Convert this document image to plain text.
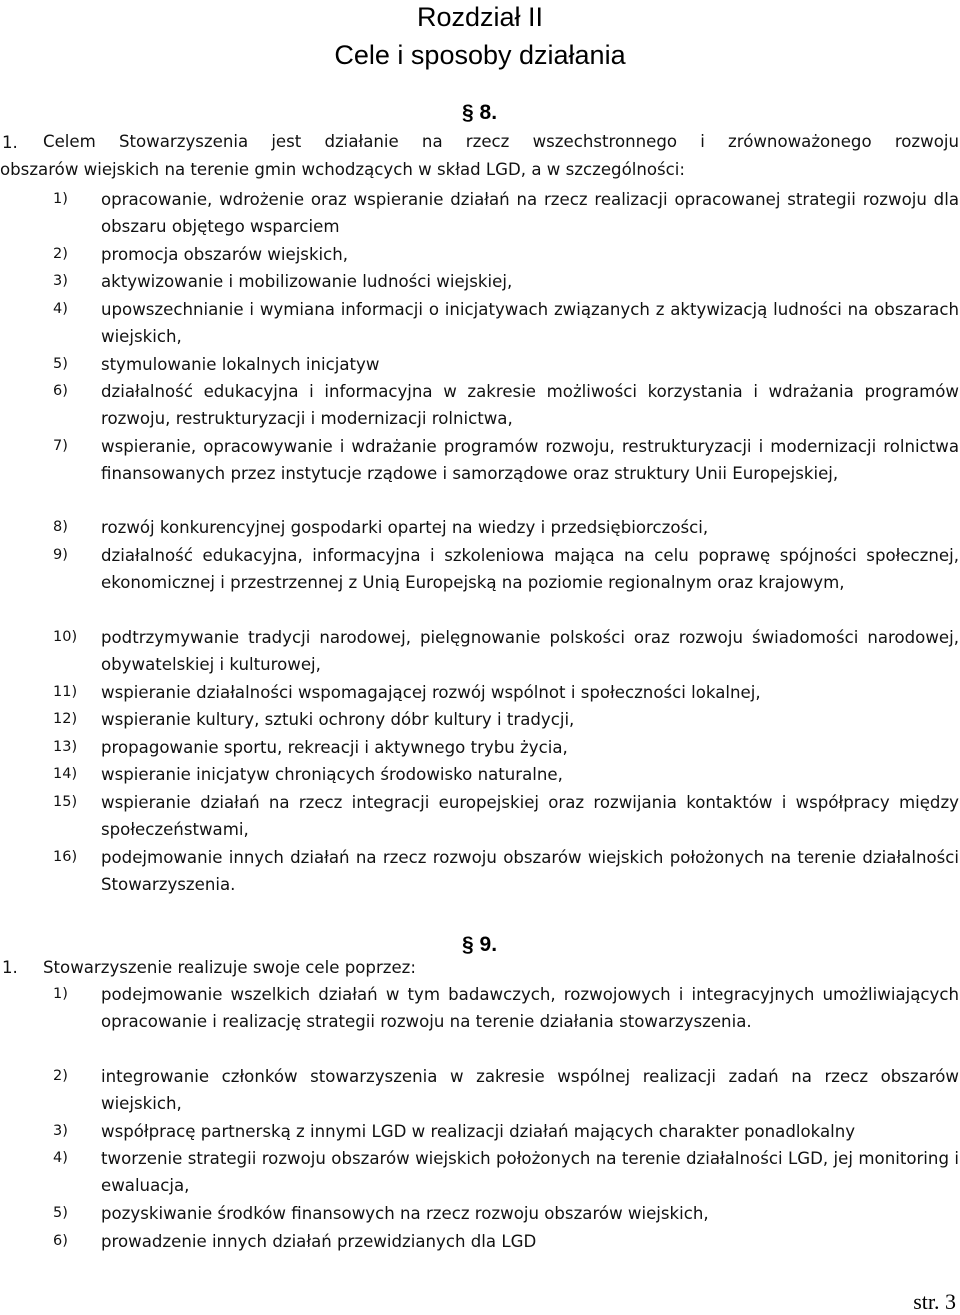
Rozdział II
Cele i sposoby działania
§ 8.
1. Celem Stowarzyszenia jest działanie na rzecz wszechstronnego i zrównoważonego rozwoju
obszarów wiejskich na terenie gmin wchodzących w skład LGD, a w szczególności:
1) opracowanie, wdrożenie oraz wspieranie działań na rzecz realizacji opracowanej strategii rozwoju dla obszaru objętego wsparciem
2) promocja obszarów wiejskich,
3) aktywizowanie i mobilizowanie ludności wiejskiej,
4) upowszechnianie i wymiana informacji o inicjatywach związanych z aktywizacją ludności na obszarach wiejskich,
5) stymulowanie lokalnych inicjatyw
6) działalność edukacyjna i informacyjna w zakresie możliwości korzystania i wdrażania programów rozwoju, restrukturyzacji i modernizacji rolnictwa,
7) wspieranie, opracowywanie i wdrażanie programów rozwoju, restrukturyzacji i modernizacji rolnictwa finansowanych przez instytucje rządowe i samorządowe oraz struktury Unii Europejskiej,
8) rozwój konkurencyjnej gospodarki opartej na wiedzy i przedsiębiorczości,
9) działalność edukacyjna, informacyjna i szkoleniowa mająca na celu poprawę spójności społecznej, ekonomicznej i przestrzennej z Unią Europejską na poziomie regionalnym oraz krajowym,
10) podtrzymywanie tradycji narodowej, pielęgnowanie polskości oraz rozwoju świadomości narodowej, obywatelskiej i kulturowej,
11) wspieranie działalności wspomagającej rozwój wspólnot i społeczności lokalnej,
12) wspieranie kultury, sztuki ochrony dóbr kultury i tradycji,
13) propagowanie sportu, rekreacji i aktywnego trybu życia,
14) wspieranie inicjatyw chroniących środowisko naturalne,
15) wspieranie działań na rzecz integracji europejskiej oraz rozwijania kontaktów i współpracy między społeczeństwami,
16) podejmowanie innych działań na rzecz rozwoju obszarów wiejskich położonych na terenie działalności Stowarzyszenia.
§ 9.
1. Stowarzyszenie realizuje swoje cele poprzez:
1) podejmowanie wszelkich działań w tym badawczych, rozwojowych i integracyjnych umożliwiających opracowanie i realizację strategii rozwoju na terenie działania stowarzyszenia.
2) integrowanie członków stowarzyszenia w zakresie wspólnej realizacji zadań na rzecz obszarów wiejskich,
3) współpracę partnerską z innymi LGD w realizacji działań mających charakter ponadlokalny
4) tworzenie strategii rozwoju obszarów wiejskich położonych na terenie działalności LGD, jej monitoring i ewaluacja,
5) pozyskiwanie środków finansowych na rzecz rozwoju obszarów wiejskich,
6) prowadzenie innych działań przewidzianych dla LGD
str. 3
